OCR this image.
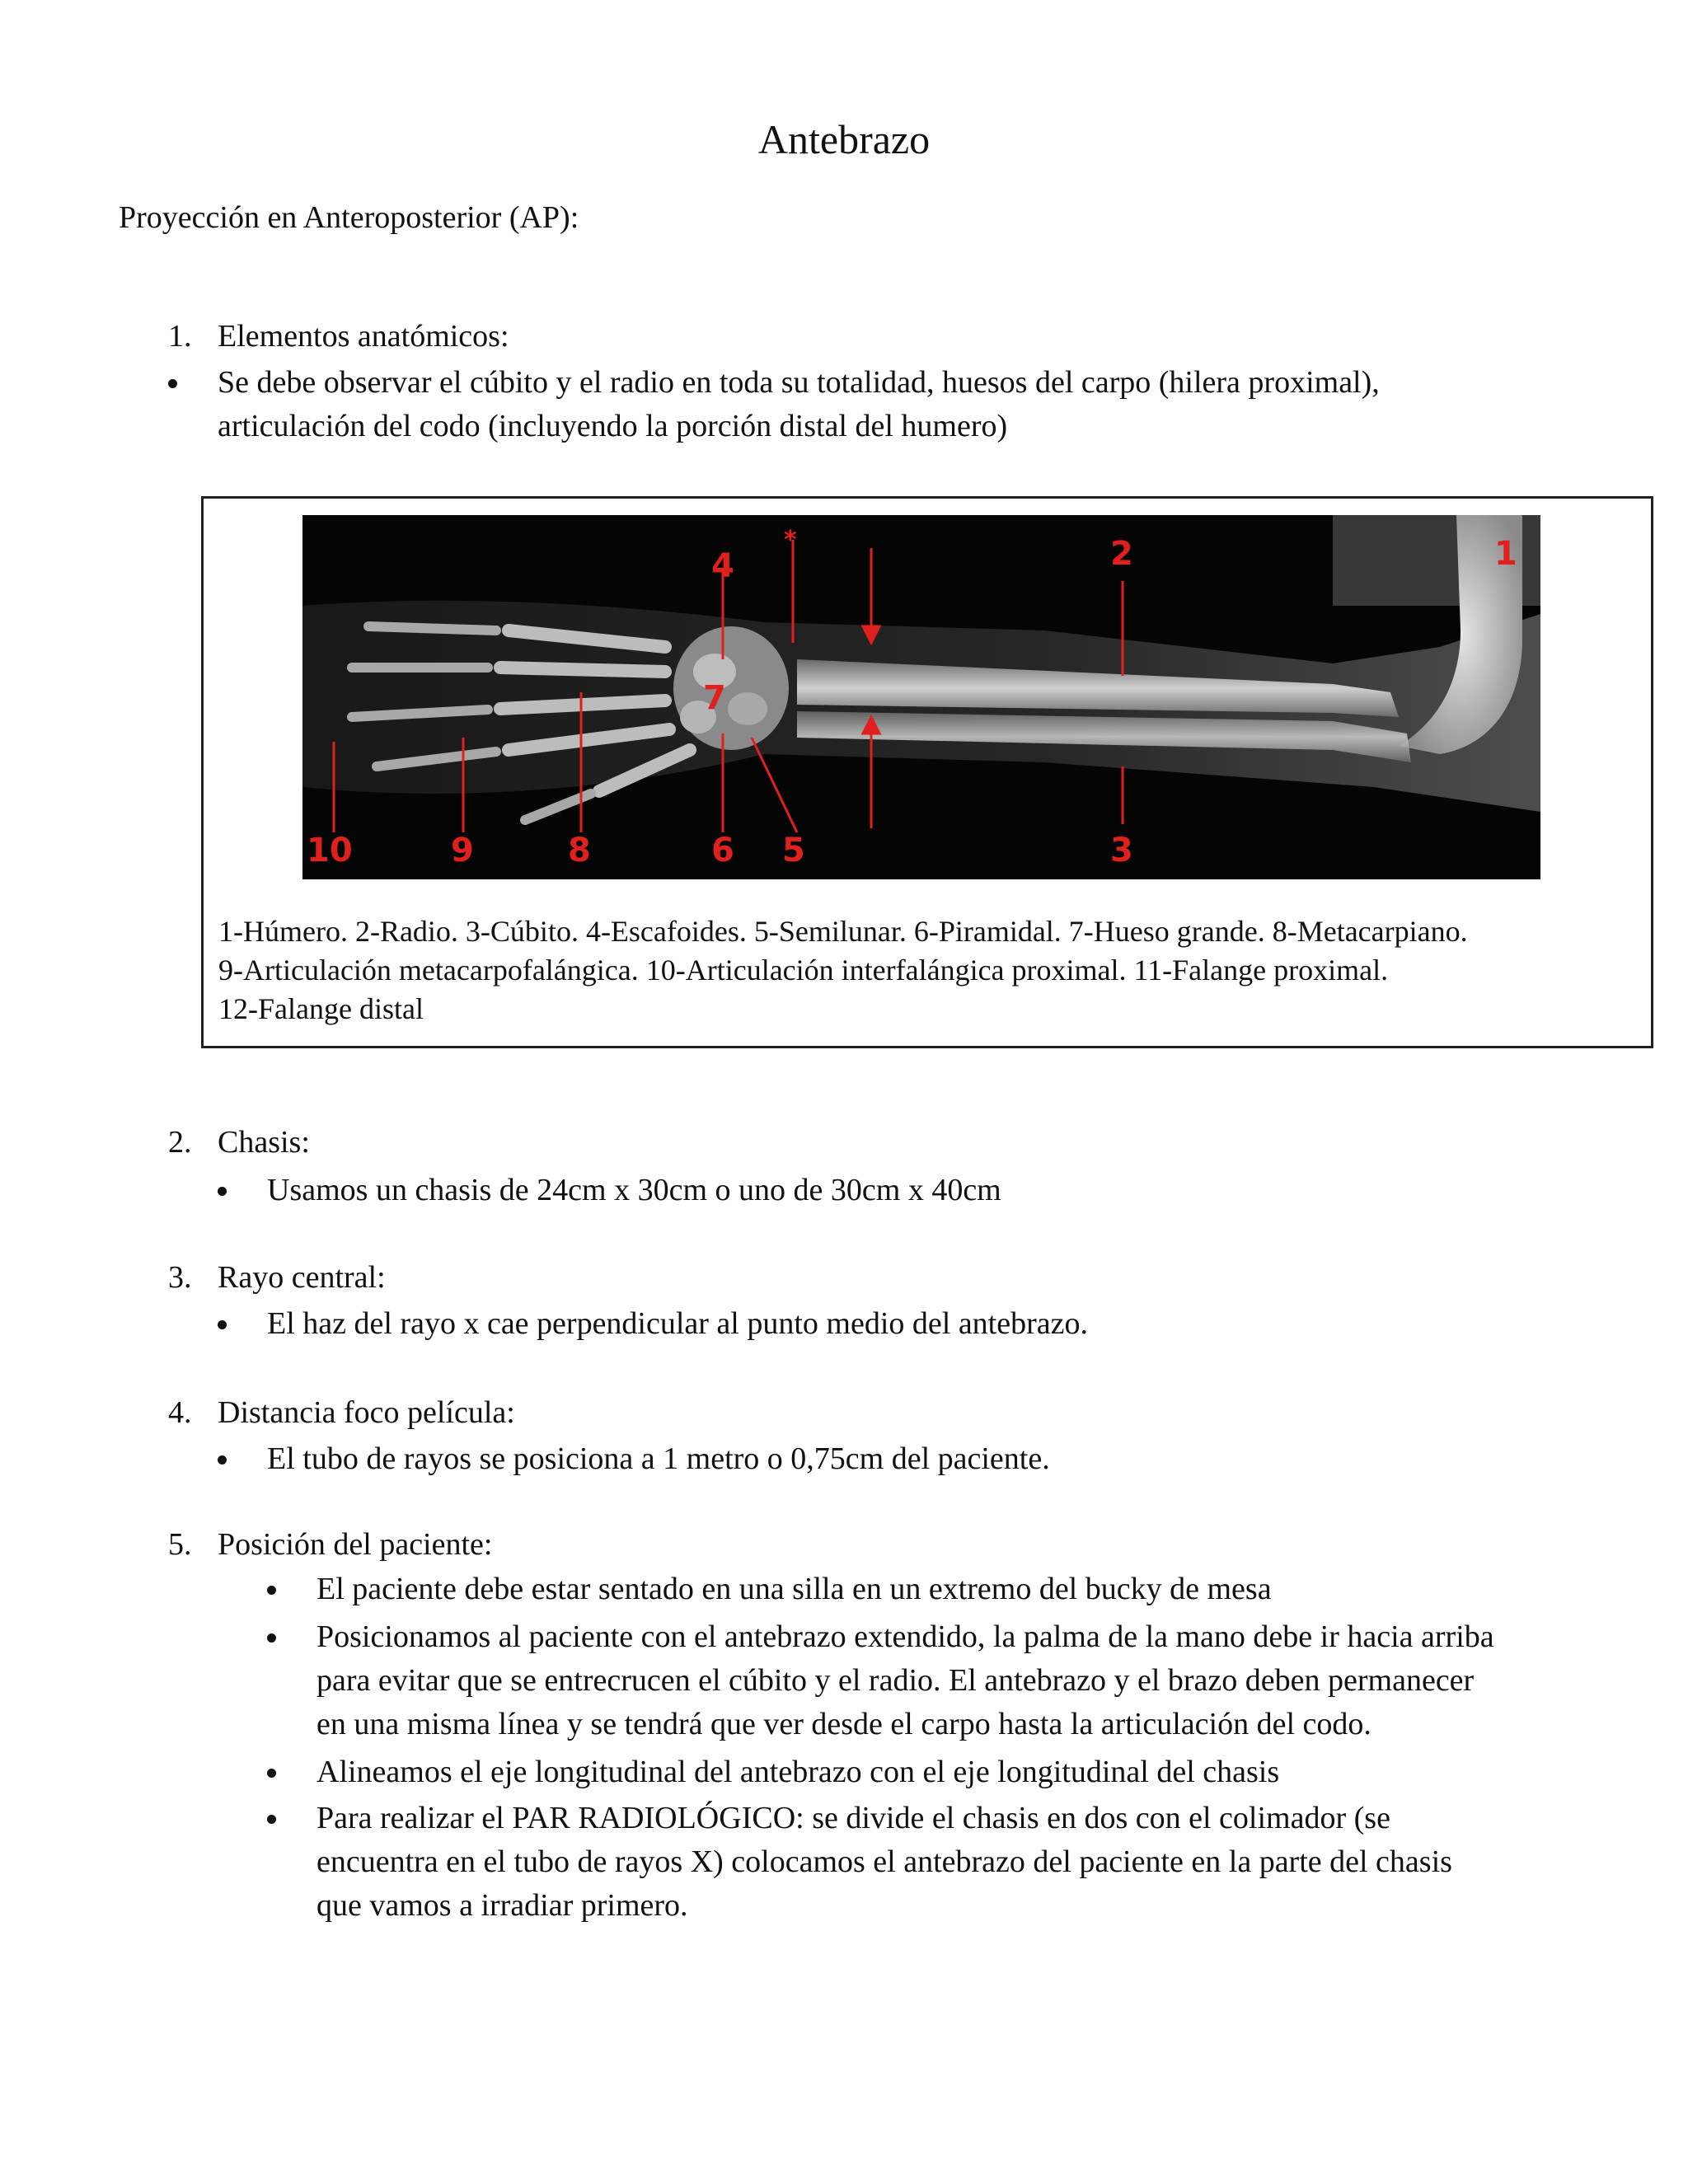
Antebrazo
Proyección en Anteroposterior (AP):
1. Elementos anatómicos:
Se debe observar el cúbito y el radio en toda su totalidad, huesos del carpo (hilera proximal),
articulación del codo (incluyendo la porción distal del humero)
1
2
3
4
5
6
7
8
9
10
*
1-Húmero. 2-Radio. 3-Cúbito. 4-Escafoides. 5-Semilunar. 6-Piramidal. 7-Hueso grande. 8-Metacarpiano.
9-Articulación metacarpofalángica. 10-Articulación interfalángica proximal. 11-Falange proximal.
12-Falange distal
2. Chasis:
Usamos un chasis de 24cm x 30cm o uno de 30cm x 40cm
3. Rayo central:
El haz del rayo x cae perpendicular al punto medio del antebrazo.
4. Distancia foco película:
El tubo de rayos se posiciona a 1 metro o 0,75cm del paciente.
5. Posición del paciente:
El paciente debe estar sentado en una silla en un extremo del bucky de mesa
Posicionamos al paciente con el antebrazo extendido, la palma de la mano debe ir hacia arriba
para evitar que se entrecrucen el cúbito y el radio. El antebrazo y el brazo deben permanecer
en una misma línea y se tendrá que ver desde el carpo hasta la articulación del codo.
Alineamos el eje longitudinal del antebrazo con el eje longitudinal del chasis
Para realizar el PAR RADIOLÓGICO: se divide el chasis en dos con el colimador (se
encuentra en el tubo de rayos X) colocamos el antebrazo del paciente en la parte del chasis
que vamos a irradiar primero.
